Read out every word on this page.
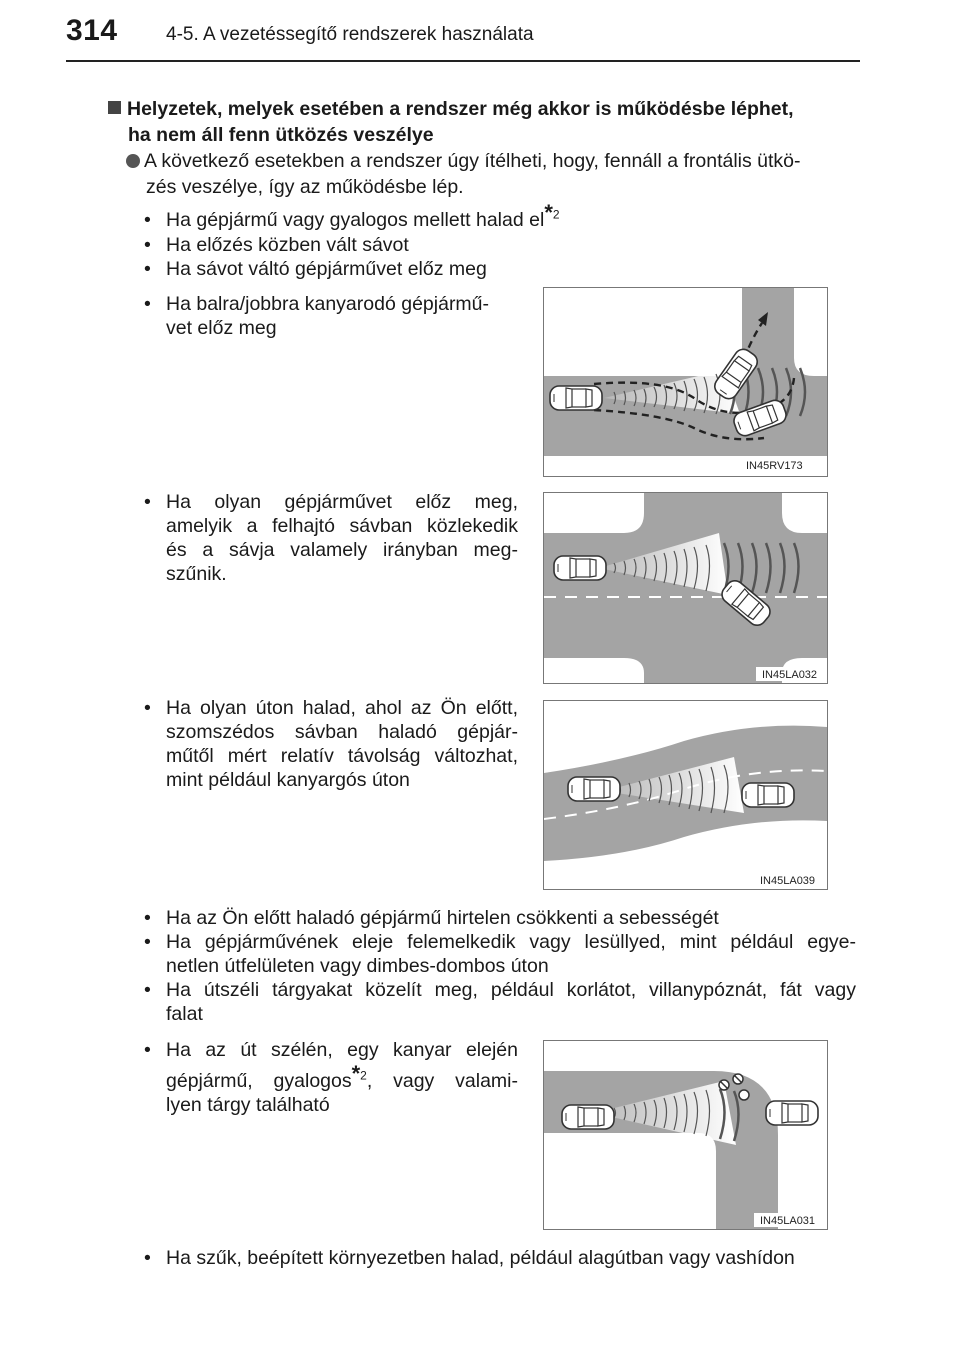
314	4-5. A vezetéssegítő rendszerek használata
Helyzetek, melyek esetében a rendszer még akkor is működésbe léphet,
ha nem áll fenn ütközés veszélye
A következő esetekben a rendszer úgy ítélheti, hogy, fennáll a frontális ütkö-
zés veszélye, így az működésbe lép.
• Ha gépjármű vagy gyalogos mellett halad el*$^2$
• Ha előzés közben vált sávot
• Ha sávot váltó gépjárművet előz meg
• Ha balra/jobbra kanyarodó gépjármű-
vet előz meg
• Ha olyan gépjárművet előz meg,
amelyik a felhajtó sávban közlekedik
és a sávja valamely irányban meg-
szűnik.
• Ha olyan úton halad, ahol az Ön előtt,
szomszédos sávban haladó gépjár-
műtől mért relatív távolság változhat,
mint például kanyargós úton
IN45RV173
IN45LA032
IN45LA039
• Ha az Ön előtt haladó gépjármű hirtelen csökkenti a sebességét
• Ha gépjárművének eleje felemelkedik vagy lesüllyed, mint például egye-
netlen útfelületen vagy dimbes-dombos úton
• Ha útszéli tárgyakat közelít meg, például korlátot, villanypóznát, fát vagy
falat
• Ha az út szélén, egy kanyar elején
gépjármű, gyalogos*$^2$, vagy valami-
lyen tárgy található
IN45LA031
• Ha szűk, beépített környezetben halad, például alagútban vagy vashídon
